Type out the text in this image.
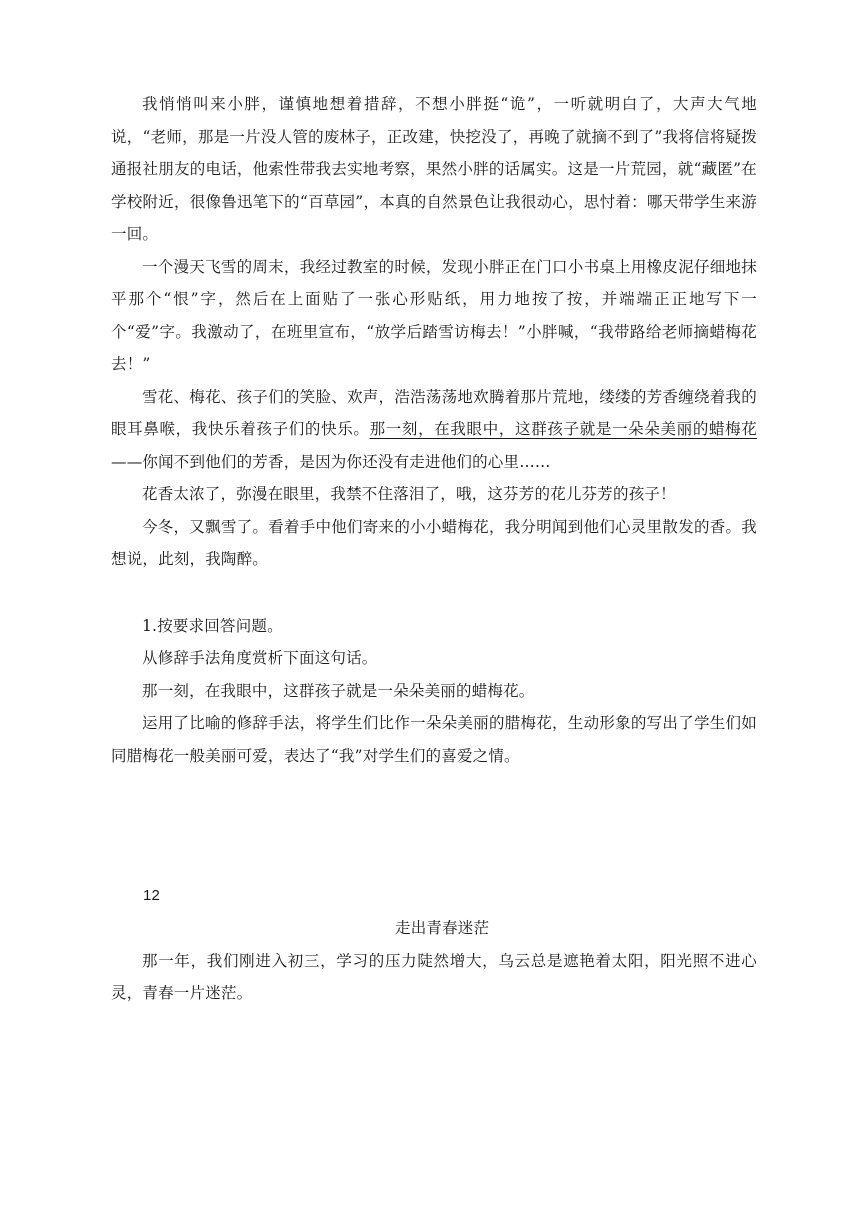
我悄悄叫来小胖，谨慎地想着措辞，不想小胖挺“诡”，一听就明白了，大声大气地说，“老师，那是一片没人管的废林子，正改建，快挖没了，再晚了就摘不到了”我将信将疑拨通报社朋友的电话，他索性带我去实地考察，果然小胖的话属实。这是一片荒园，就“藏匿”在学校附近，很像鲁迅笔下的“百草园”，本真的自然景色让我很动心，思忖着：哪天带学生来游一回。

一个漫天飞雪的周末，我经过教室的时候，发现小胖正在门口小书桌上用橡皮泥仔细地抹平那个“恨”字，然后在上面贴了一张心形贴纸，用力地按了按，并端端正正地写下一个“爱”字。我激动了，在班里宣布，“放学后踏雪访梅去！”小胖喊，“我带路给老师摘蜡梅花去！”

雪花、梅花、孩子们的笑脸、欢声，浩浩荡荡地欢腾着那片荒地，缕缕的芳香缠绕着我的眼耳鼻喉，我快乐着孩子们的快乐。那一刻，在我眼中，这群孩子就是一朵朵美丽的蜡梅花——你闻不到他们的芳香，是因为你还没有走进他们的心里……

花香太浓了，弥漫在眼里，我禁不住落泪了，哦，这芬芳的花儿芬芳的孩子！

今冬，又飘雪了。看着手中他们寄来的小小蜡梅花，我分明闻到他们心灵里散发的香。我想说，此刻，我陶醉。

1.按要求回答问题。

从修辞手法角度赏析下面这句话。

那一刻，在我眼中，这群孩子就是一朵朵美丽的蜡梅花。

运用了比喻的修辞手法，将学生们比作一朵朵美丽的腊梅花，生动形象的写出了学生们如同腊梅花一般美丽可爱，表达了“我”对学生们的喜爱之情。

12

走出青春迷茫

那一年，我们刚进入初三，学习的压力陡然增大，乌云总是遮艳着太阳，阳光照不进心灵，青春一片迷茫。
